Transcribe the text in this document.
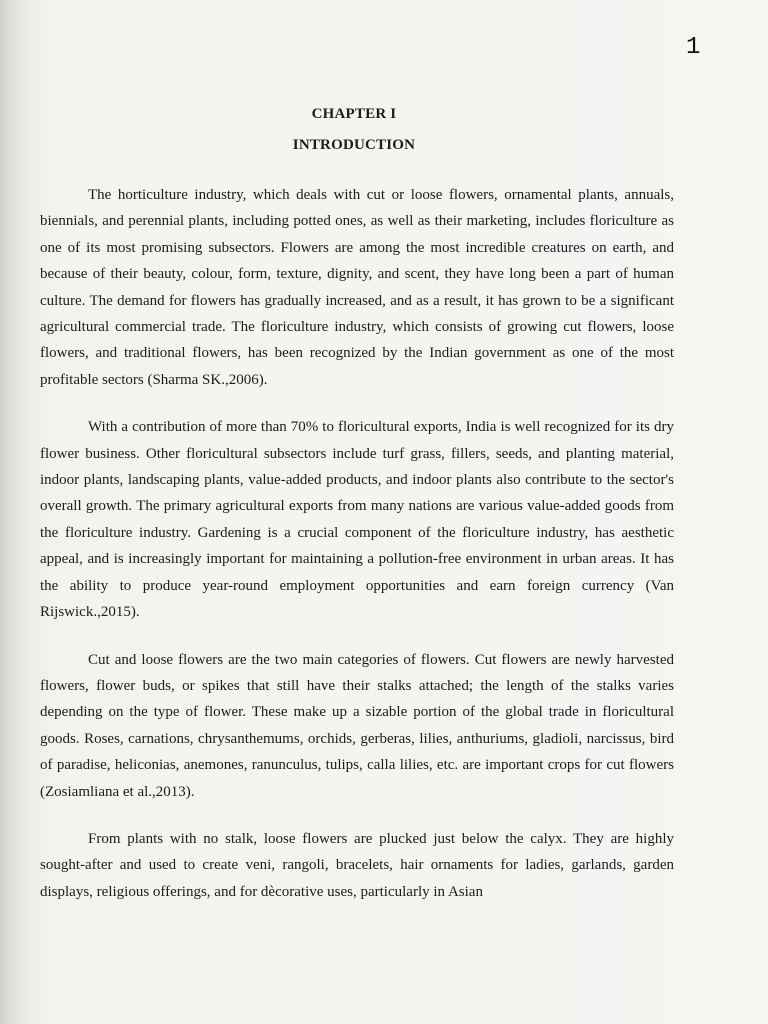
1
CHAPTER I
INTRODUCTION

The horticulture industry, which deals with cut or loose flowers, ornamental plants, annuals, biennials, and perennial plants, including potted ones, as well as their marketing, includes floriculture as one of its most promising subsectors. Flowers are among the most incredible creatures on earth, and because of their beauty, colour, form, texture, dignity, and scent, they have long been a part of human culture. The demand for flowers has gradually increased, and as a result, it has grown to be a significant agricultural commercial trade. The floriculture industry, which consists of growing cut flowers, loose flowers, and traditional flowers, has been recognized by the Indian government as one of the most profitable sectors (Sharma SK.,2006).

With a contribution of more than 70% to floricultural exports, India is well recognized for its dry flower business. Other floricultural subsectors include turf grass, fillers, seeds, and planting material, indoor plants, landscaping plants, value-added products, and indoor plants also contribute to the sector's overall growth. The primary agricultural exports from many nations are various value-added goods from the floriculture industry. Gardening is a crucial component of the floriculture industry, has aesthetic appeal, and is increasingly important for maintaining a pollution-free environment in urban areas. It has the ability to produce year-round employment opportunities and earn foreign currency (Van Rijswick.,2015).

Cut and loose flowers are the two main categories of flowers. Cut flowers are newly harvested flowers, flower buds, or spikes that still have their stalks attached; the length of the stalks varies depending on the type of flower. These make up a sizable portion of the global trade in floricultural goods. Roses, carnations, chrysanthemums, orchids, gerberas, lilies, anthuriums, gladioli, narcissus, bird of paradise, heliconias, anemones, ranunculus, tulips, calla lilies, etc. are important crops for cut flowers (Zosiamliana et al.,2013).

From plants with no stalk, loose flowers are plucked just below the calyx. They are highly sought-after and used to create veni, rangoli, bracelets, hair ornaments for ladies, garlands, garden displays, religious offerings, and for dècorative uses, particularly in Asian
